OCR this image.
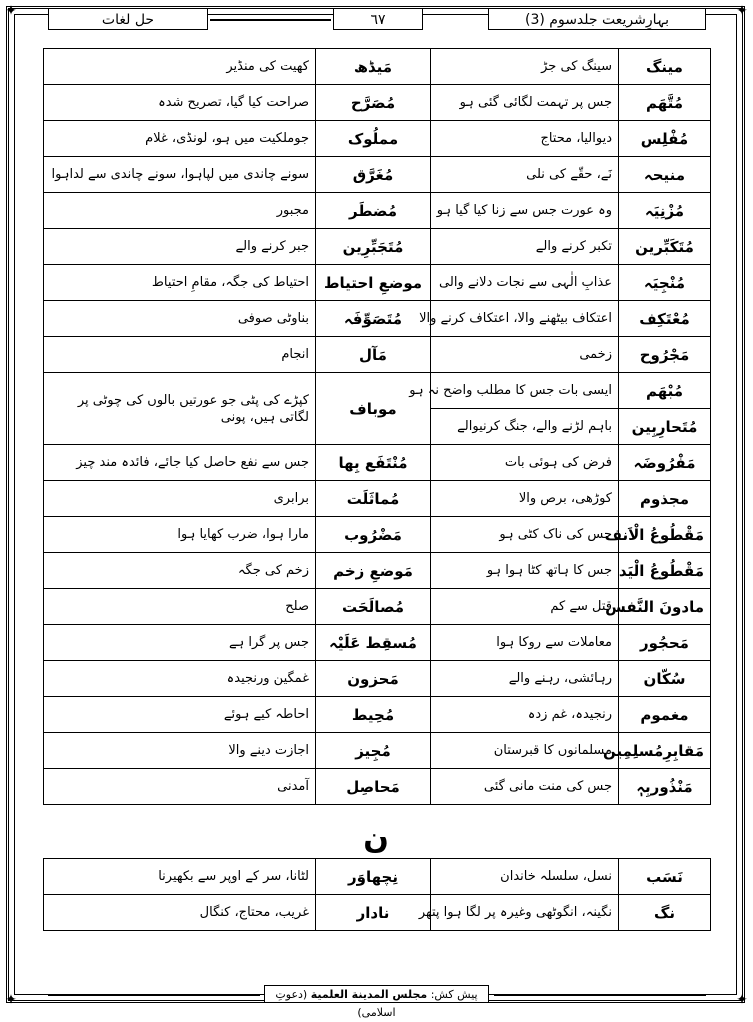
✦	✦
✦	✦
بہارِشریعت جلدسوم (3)
٦٧
حل لغات
مینگ	سینگ کی جڑ	مَیڈھ	کھیت کی منڈیر
مُتَّھَم	جس پر تہمت لگائی گئی ہو	مُصَرَّح	صراحت کیا گیا، تصریح شدہ
مُفْلِس	دیوالیا، محتاج	مملُوک	جوملکیت میں ہو، لونڈی، غلام
منیحہ	نَے، حقّے کی نلی	مُغَرَّق	سونے چاندی میں لپاہوا، سونے چاندی سے لداہوا
مُزْنِیَہ	وہ عورت جس سے زنا کیا گیا ہو	مُضطَر	مجبور
مُتَکَبِّرین	تکبر کرنے والے	مُتَجَبِّرِین	جبر کرنے والے
مُنْجِیَہ	عذابِ الٰہی سے نجات دلانے والی	موضعِ احتیاط	احتیاط کی جگہ، مقامِ احتیاط
مُعْتَکِف	اعتکاف بیٹھنے والا، اعتکاف کرنے والا	مُتَصَوِّفَہ	بناوٹی صوفی
مَجْرُوح	زخمی	مَآل	انجام
مُبْھَم	ایسی بات جس کا مطلب واضح نہ ہو	موباف	کپڑے کی پٹی جو عورتیں بالوں کی چوٹی پر لگاتی ہیں، پونی
مُتَحارِبِین	باہم لڑنے والے، جنگ کرنیوالے		
مَفْرُوضَہ	فرض کی ہوئی بات	مُنْتَفَع بِھا	جس سے نفع حاصل کیا جائے، فائدہ مند چیز
مجذوم	کوڑھی، برص والا	مُماثَلَت	برابری
مَقْطُوعُ الْاَنف	جس کی ناک کٹی ہو	مَضْرُوب	مارا ہوا، ضرب کھایا ہوا
مَقْطُوعُ الْیَد	جس کا ہاتھ کٹا ہوا ہو	مَوضعِ زخم	زخم کی جگہ
مادونَ النَّفس	قتل سے کم	مُصالَحَت	صلح
مَحجُور	معاملات سے روکا ہوا	مُسقِط عَلَیْہ	جس پر گرا ہے
سُکّان	رہائشی، رہنے والے	مَحزون	غمگین ورنجیدہ
مغموم	رنجیدہ، غم زدہ	مُحِیط	احاطہ کیے ہوئے
مَقابِرِمُسلِمِین	مسلمانوں کا قبرستان	مُجِیز	اجازت دینے والا
مَنْذُوربِہٖ	جس کی منت مانی گئی	مَحاصِل	آمدنی
ن
نَسَب	نسل، سلسلہ خاندان	نِچھاوَر	لٹانا، سر کے اوپر سے بکھیرنا
نگ	نگینہ، انگوٹھی وغیرہ پر لگا ہوا پتھر	نادار	غریب، محتاج، کنگال
پیش کش: مجلس المدینة العلمیة (دعوتِ اسلامی)
